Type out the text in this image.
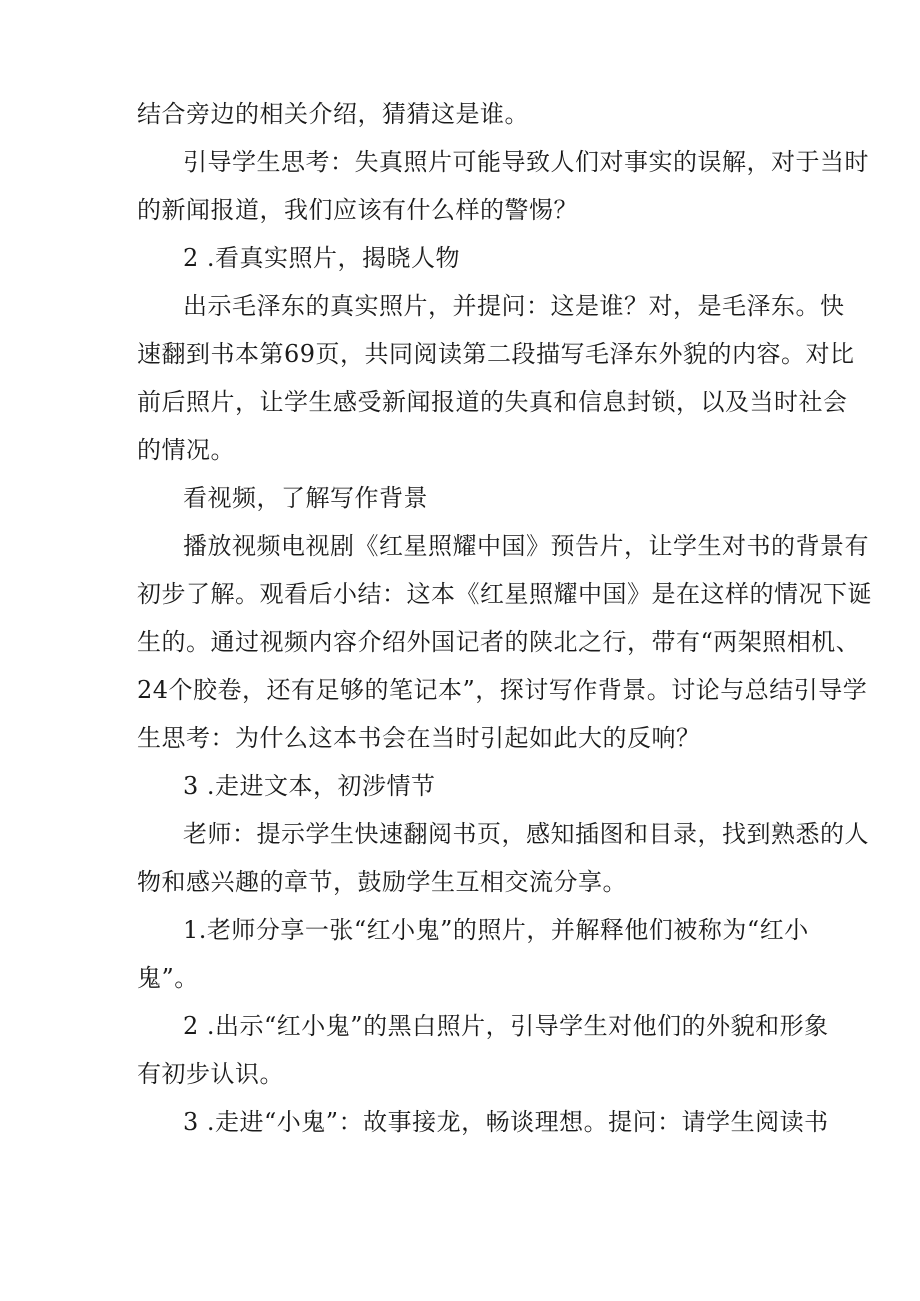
结合旁边的相关介绍，猜猜这是谁。
引导学生思考：失真照片可能导致人们对事实的误解，对于当时
的新闻报道，我们应该有什么样的警惕？
2 .看真实照片，揭晓人物
出示毛泽东的真实照片，并提问：这是谁？对，是毛泽东。快
速翻到书本第69页，共同阅读第二段描写毛泽东外貌的内容。对比
前后照片，让学生感受新闻报道的失真和信息封锁，以及当时社会
的情况。
看视频，了解写作背景
播放视频电视剧《红星照耀中国》预告片，让学生对书的背景有
初步了解。观看后小结：这本《红星照耀中国》是在这样的情况下诞
生的。通过视频内容介绍外国记者的陕北之行，带有“两架照相机、
24个胶卷，还有足够的笔记本”，探讨写作背景。讨论与总结引导学
生思考：为什么这本书会在当时引起如此大的反响？
3 .走进文本，初涉情节
老师：提示学生快速翻阅书页，感知插图和目录，找到熟悉的人
物和感兴趣的章节，鼓励学生互相交流分享。
1.老师分享一张“红小鬼”的照片，并解释他们被称为“红小
鬼”。
2 .出示“红小鬼”的黑白照片，引导学生对他们的外貌和形象
有初步认识。
3 .走进“小鬼”：故事接龙，畅谈理想。提问：请学生阅读书
